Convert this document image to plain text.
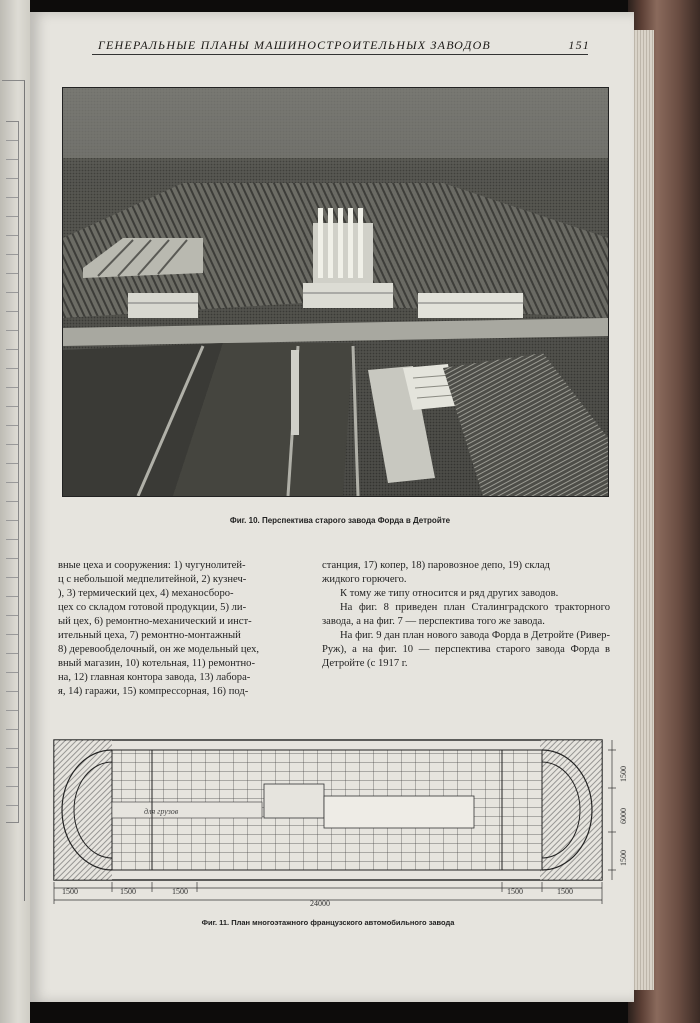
ГЕНЕРАЛЬНЫЕ ПЛАНЫ МАШИНОСТРОИТЕЛЬНЫХ ЗАВОДОВ	151
Фиг. 10. Перспектива старого завода Форда в Детройте

вные цеха и сооружения: 1) чугунолитей-

ц с небольшой медпелитейной, 2) кузнеч-

), 3) термический цех, 4) механосборо-

цех со складом готовой продукции, 5) ли-

ый цех, 6) ремонтно-механический и инст-

ительный цеха, 7) ремонтно-монтажный

8) деревообделочный, он же модельный цех,

вный магазин, 10) котельная, 11) ремонтно-

на, 12) главная контора завода, 13) лабора-

я, 14) гаражи, 15) компрессорная, 16) под-

станция, 17) копер, 18) паровозное депо, 19) склад

жидкого горючего.

К тому же типу относится и ряд других заводов.

На фиг. 8 приведен план Сталинградского тракторного завода, а на фиг. 7 — перспектива того же завода.

На фиг. 9 дан план нового завода Форда в Детройте (Ривер-Руж), а на фиг. 10 — перспектива старого завода Форда в Детройте (с 1917 г.

для грузов
1500	1500	1500	1500	1500
24000
1500
6000
1500
Фиг. 11. План многоэтажного французского автомобильного завода
